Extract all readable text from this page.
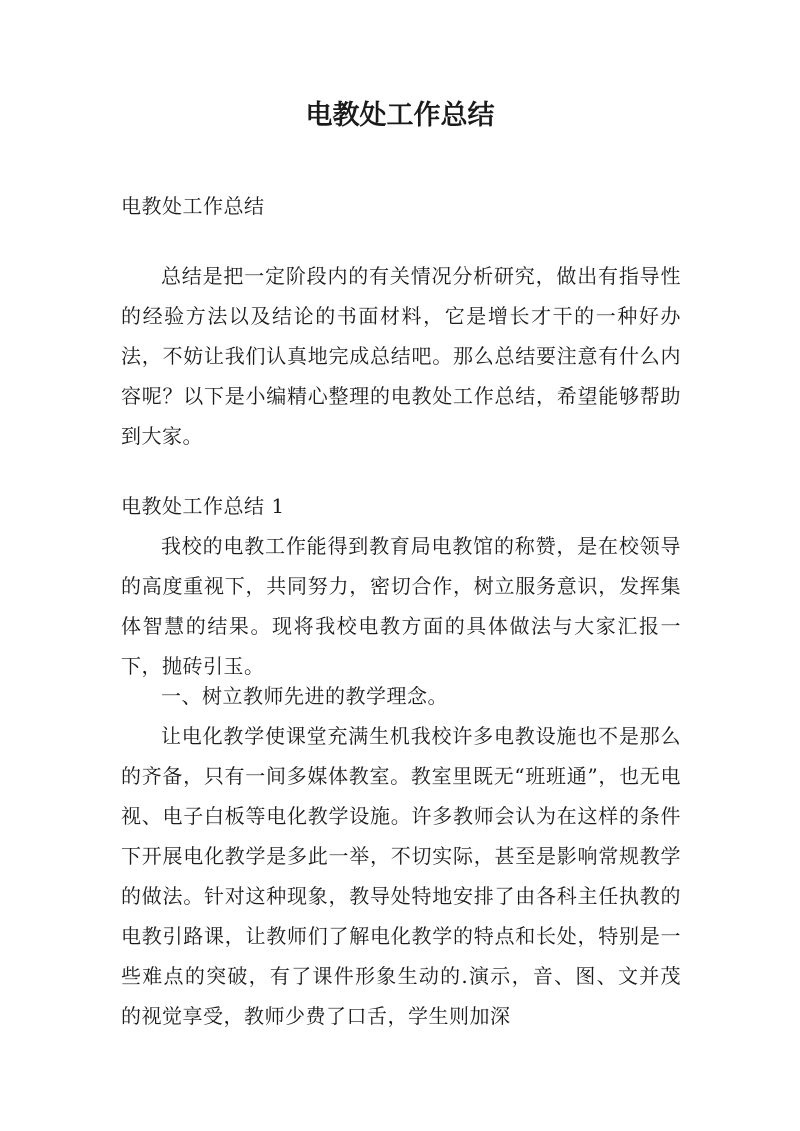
电教处工作总结
电教处工作总结
总结是把一定阶段内的有关情况分析研究，做出有指导性的经验方法以及结论的书面材料，它是增长才干的一种好办法，不妨让我们认真地完成总结吧。那么总结要注意有什么内容呢？以下是小编精心整理的电教处工作总结，希望能够帮助到大家。
电教处工作总结 1
我校的电教工作能得到教育局电教馆的称赞，是在校领导的高度重视下，共同努力，密切合作，树立服务意识，发挥集体智慧的结果。现将我校电教方面的具体做法与大家汇报一下，抛砖引玉。
一、树立教师先进的教学理念。
让电化教学使课堂充满生机我校许多电教设施也不是那么的齐备，只有一间多媒体教室。教室里既无“班班通”，也无电视、电子白板等电化教学设施。许多教师会认为在这样的条件下开展电化教学是多此一举，不切实际，甚至是影响常规教学的做法。针对这种现象，教导处特地安排了由各科主任执教的电教引路课，让教师们了解电化教学的特点和长处，特别是一些难点的突破，有了课件形象生动的.演示，音、图、文并茂的视觉享受，教师少费了口舌，学生则加深
